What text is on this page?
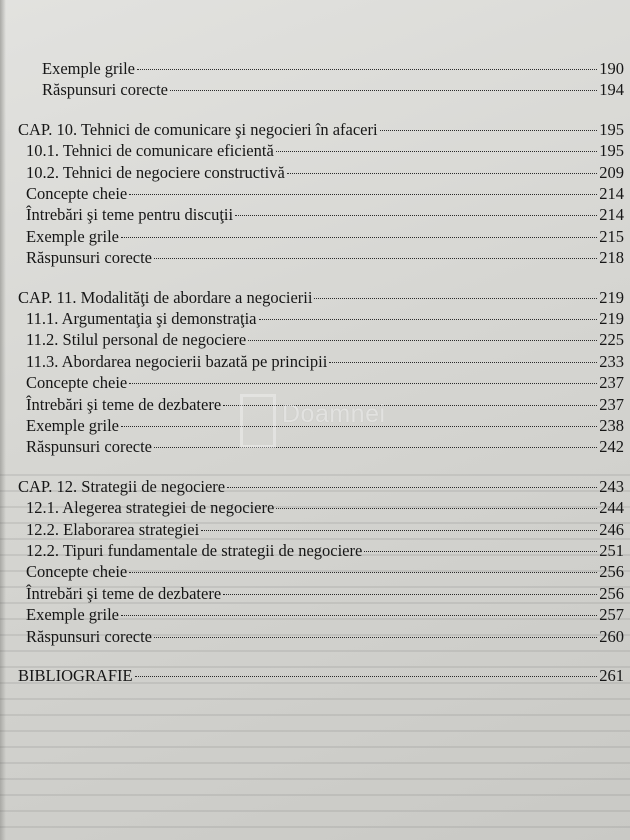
Exemple grile	190
Răspunsuri corecte	194
CAP. 10. Tehnici de comunicare şi negocieri în afaceri	195
10.1. Tehnici de comunicare eficientă	195
10.2. Tehnici de negociere constructivă	209
Concepte cheie	214
Întrebări şi teme pentru discuţii	214
Exemple grile	215
Răspunsuri corecte	218
CAP. 11. Modalităţi de abordare a negocierii	219
11.1. Argumentaţia şi demonstraţia	219
11.2. Stilul personal de negociere	225
11.3. Abordarea negocierii bazată pe principii	233
Concepte cheie	237
Întrebări şi teme de dezbatere	237
Exemple grile	238
Răspunsuri corecte	242
CAP. 12. Strategii de negociere	243
12.1. Alegerea strategiei de negociere	244
12.2. Elaborarea strategiei	246
12.2. Tipuri fundamentale de strategii de negociere	251
Concepte cheie	256
Întrebări şi teme de dezbatere	256
Exemple grile	257
Răspunsuri corecte	260
BIBLIOGRAFIE	261
Doamnei
